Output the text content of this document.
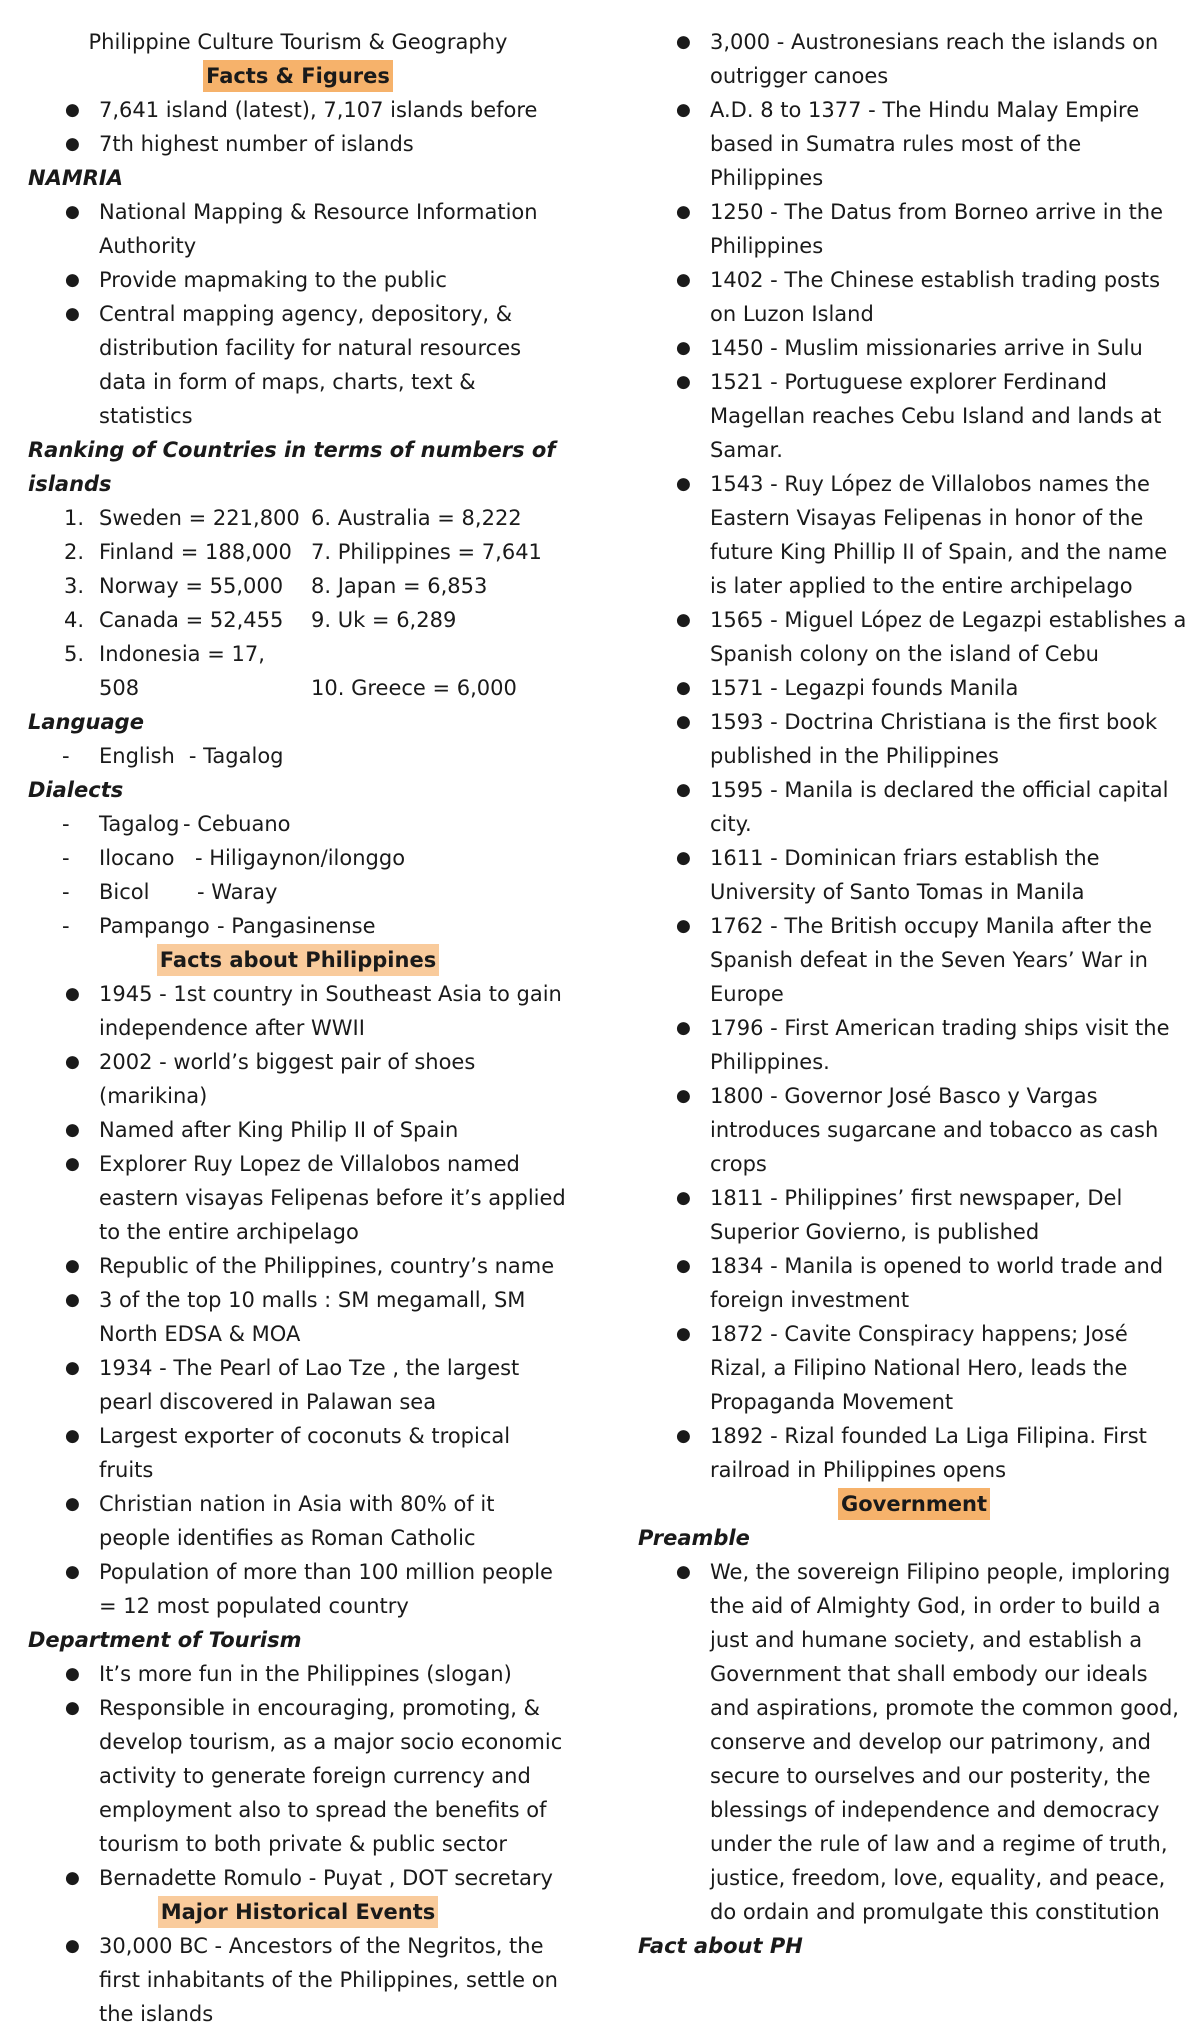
Philippine Culture Tourism & Geography
Facts & Figures
● 7,641 island (latest), 7,107 islands before
● 7th highest number of islands
NAMRIA
● National Mapping & Resource Information Authority
● Provide mapmaking to the public
● Central mapping agency, depository, & distribution facility for natural resources data in form of maps, charts, text & statistics
Ranking of Countries in terms of numbers of islands
1. Sweden = 221,800 6. Australia = 8,222
2. Finland = 188,000 7. Philippines = 7,641
3. Norway = 55,000 8. Japan = 6,853
4. Canada = 52,455 9. Uk = 6,289
5. Indonesia = 17, 508	10. Greece = 6,000
Language
- English - Tagalog
Dialects
- Tagalog - Cebuano
- Ilocano - Hiligaynon/ilonggo
- Bicol - Waray
- Pampango - Pangasinense
Facts about Philippines
● 1945 - 1st country in Southeast Asia to gain independence after WWII
● 2002 - world’s biggest pair of shoes (marikina)
● Named after King Philip II of Spain
● Explorer Ruy Lopez de Villalobos named eastern visayas Felipenas before it’s applied to the entire archipelago
● Republic of the Philippines, country’s name
● 3 of the top 10 malls : SM megamall, SM North EDSA & MOA
● 1934 - The Pearl of Lao Tze , the largest pearl discovered in Palawan sea
● Largest exporter of coconuts & tropical fruits
● Christian nation in Asia with 80% of it people identifies as Roman Catholic
● Population of more than 100 million people = 12 most populated country
Department of Tourism
● It’s more fun in the Philippines (slogan)
● Responsible in encouraging, promoting, & develop tourism, as a major socio economic activity to generate foreign currency and employment also to spread the benefits of tourism to both private & public sector
● Bernadette Romulo - Puyat , DOT secretary
Major Historical Events
● 30,000 BC - Ancestors of the Negritos, the first inhabitants of the Philippines, settle on the islands
● 3,000 - Austronesians reach the islands on outrigger canoes
● A.D. 8 to 1377 - The Hindu Malay Empire based in Sumatra rules most of the Philippines
● 1250 - The Datus from Borneo arrive in the Philippines
● 1402 - The Chinese establish trading posts on Luzon Island
● 1450 - Muslim missionaries arrive in Sulu
● 1521 - Portuguese explorer Ferdinand Magellan reaches Cebu Island and lands at Samar.
● 1543 - Ruy López de Villalobos names the Eastern Visayas Felipenas in honor of the future King Phillip II of Spain, and the name is later applied to the entire archipelago
● 1565 - Miguel López de Legazpi establishes a Spanish colony on the island of Cebu
● 1571 - Legazpi founds Manila
● 1593 - Doctrina Christiana is the first book published in the Philippines
● 1595 - Manila is declared the official capital city.
● 1611 - Dominican friars establish the University of Santo Tomas in Manila
● 1762 - The British occupy Manila after the Spanish defeat in the Seven Years’ War in Europe
● 1796 - First American trading ships visit the Philippines.
● 1800 - Governor José Basco y Vargas introduces sugarcane and tobacco as cash crops
● 1811 - Philippines’ first newspaper, Del Superior Govierno, is published
● 1834 - Manila is opened to world trade and foreign investment
● 1872 - Cavite Conspiracy happens; José Rizal, a Filipino National Hero, leads the Propaganda Movement
● 1892 - Rizal founded La Liga Filipina. First railroad in Philippines opens
Government
Preamble
● We, the sovereign Filipino people, imploring the aid of Almighty God, in order to build a just and humane society, and establish a Government that shall embody our ideals and aspirations, promote the common good, conserve and develop our patrimony, and secure to ourselves and our posterity, the blessings of independence and democracy under the rule of law and a regime of truth, justice, freedom, love, equality, and peace, do ordain and promulgate this constitution
Fact about PH
